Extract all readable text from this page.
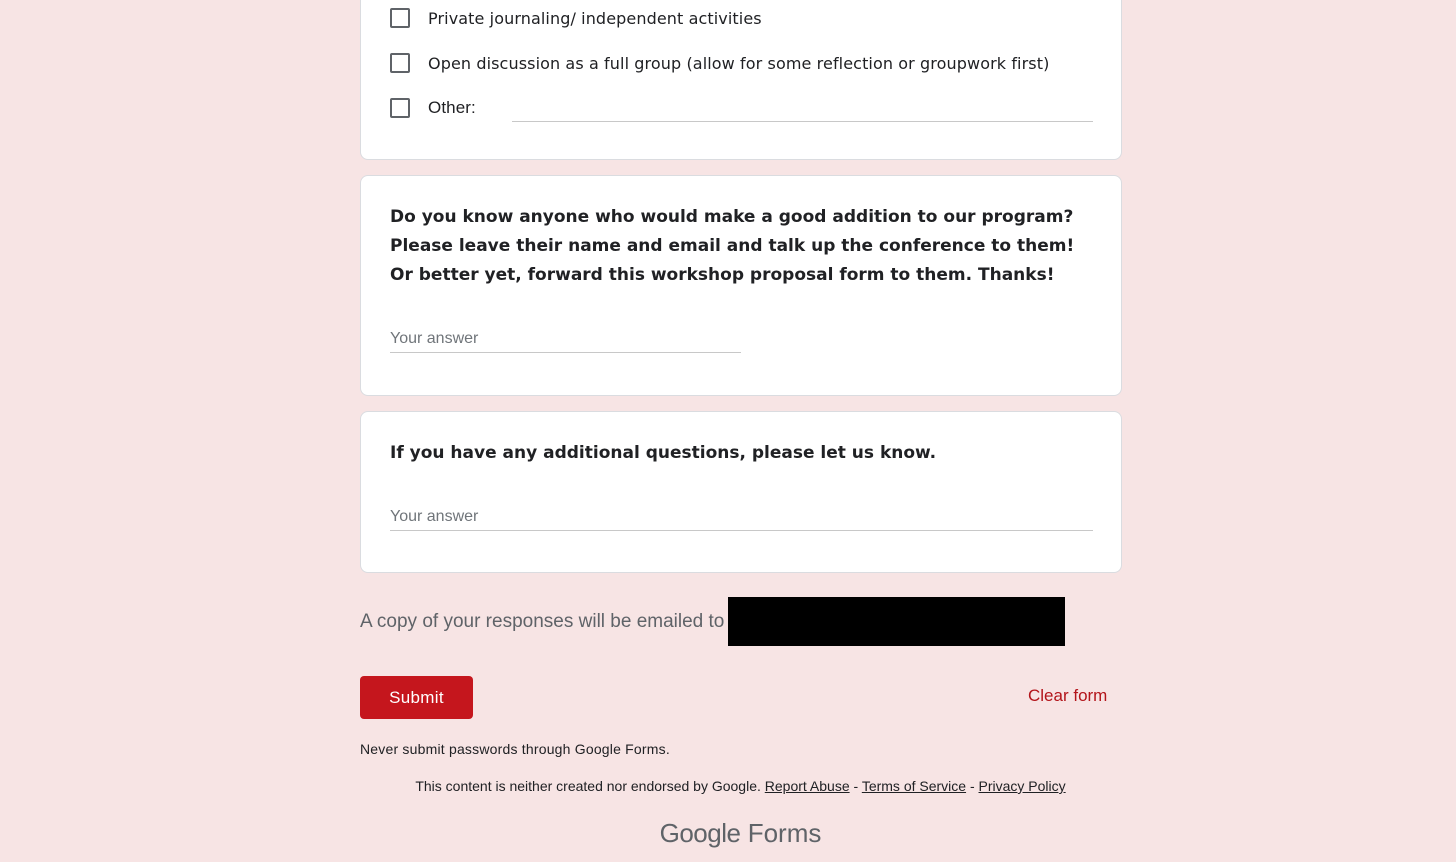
Private journaling/ independent activities
Open discussion as a full group (allow for some reflection or groupwork first)
Other:
Do you know anyone who would make a good addition to our program? Please leave their name and email and talk up the conference to them! Or better yet, forward this workshop proposal form to them. Thanks!
Your answer
If you have any additional questions, please let us know.
Your answer
A copy of your responses will be emailed to
Submit	Clear form
Never submit passwords through Google Forms.
This content is neither created nor endorsed by Google. Report Abuse - Terms of Service - Privacy Policy
Google Forms
